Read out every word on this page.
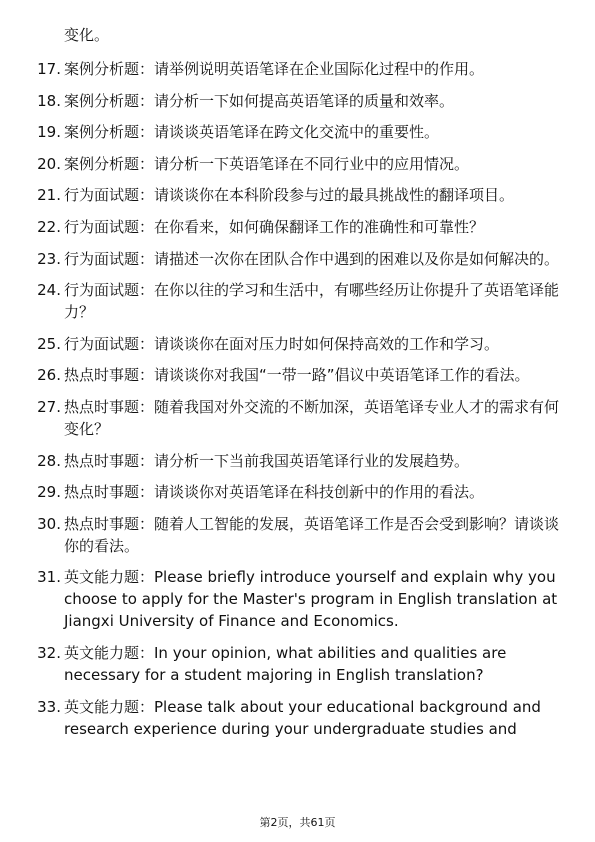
变化。

17. 案例分析题：请举例说明英语笔译在企业国际化过程中的作用。
18. 案例分析题：请分析一下如何提高英语笔译的质量和效率。
19. 案例分析题：请谈谈英语笔译在跨文化交流中的重要性。
20. 案例分析题：请分析一下英语笔译在不同行业中的应用情况。
21. 行为面试题：请谈谈你在本科阶段参与过的最具挑战性的翻译项目。
22. 行为面试题：在你看来，如何确保翻译工作的准确性和可靠性？
23. 行为面试题：请描述一次你在团队合作中遇到的困难以及你是如何解决的。
24. 行为面试题：在你以往的学习和生活中，有哪些经历让你提升了英语笔译能力？
25. 行为面试题：请谈谈你在面对压力时如何保持高效的工作和学习。
26. 热点时事题：请谈谈你对我国“一带一路”倡议中英语笔译工作的看法。
27. 热点时事题：随着我国对外交流的不断加深，英语笔译专业人才的需求有何变化？
28. 热点时事题：请分析一下当前我国英语笔译行业的发展趋势。
29. 热点时事题：请谈谈你对英语笔译在科技创新中的作用的看法。
30. 热点时事题：随着人工智能的发展，英语笔译工作是否会受到影响？请谈谈你的看法。
31. 英文能力题：Please briefly introduce yourself and explain why you choose to apply for the Master's program in English translation at Jiangxi University of Finance and Economics.
32. 英文能力题：In your opinion, what abilities and qualities are necessary for a student majoring in English translation?
33. 英文能力题：Please talk about your educational background and research experience during your undergraduate studies and
第2页，共61页
